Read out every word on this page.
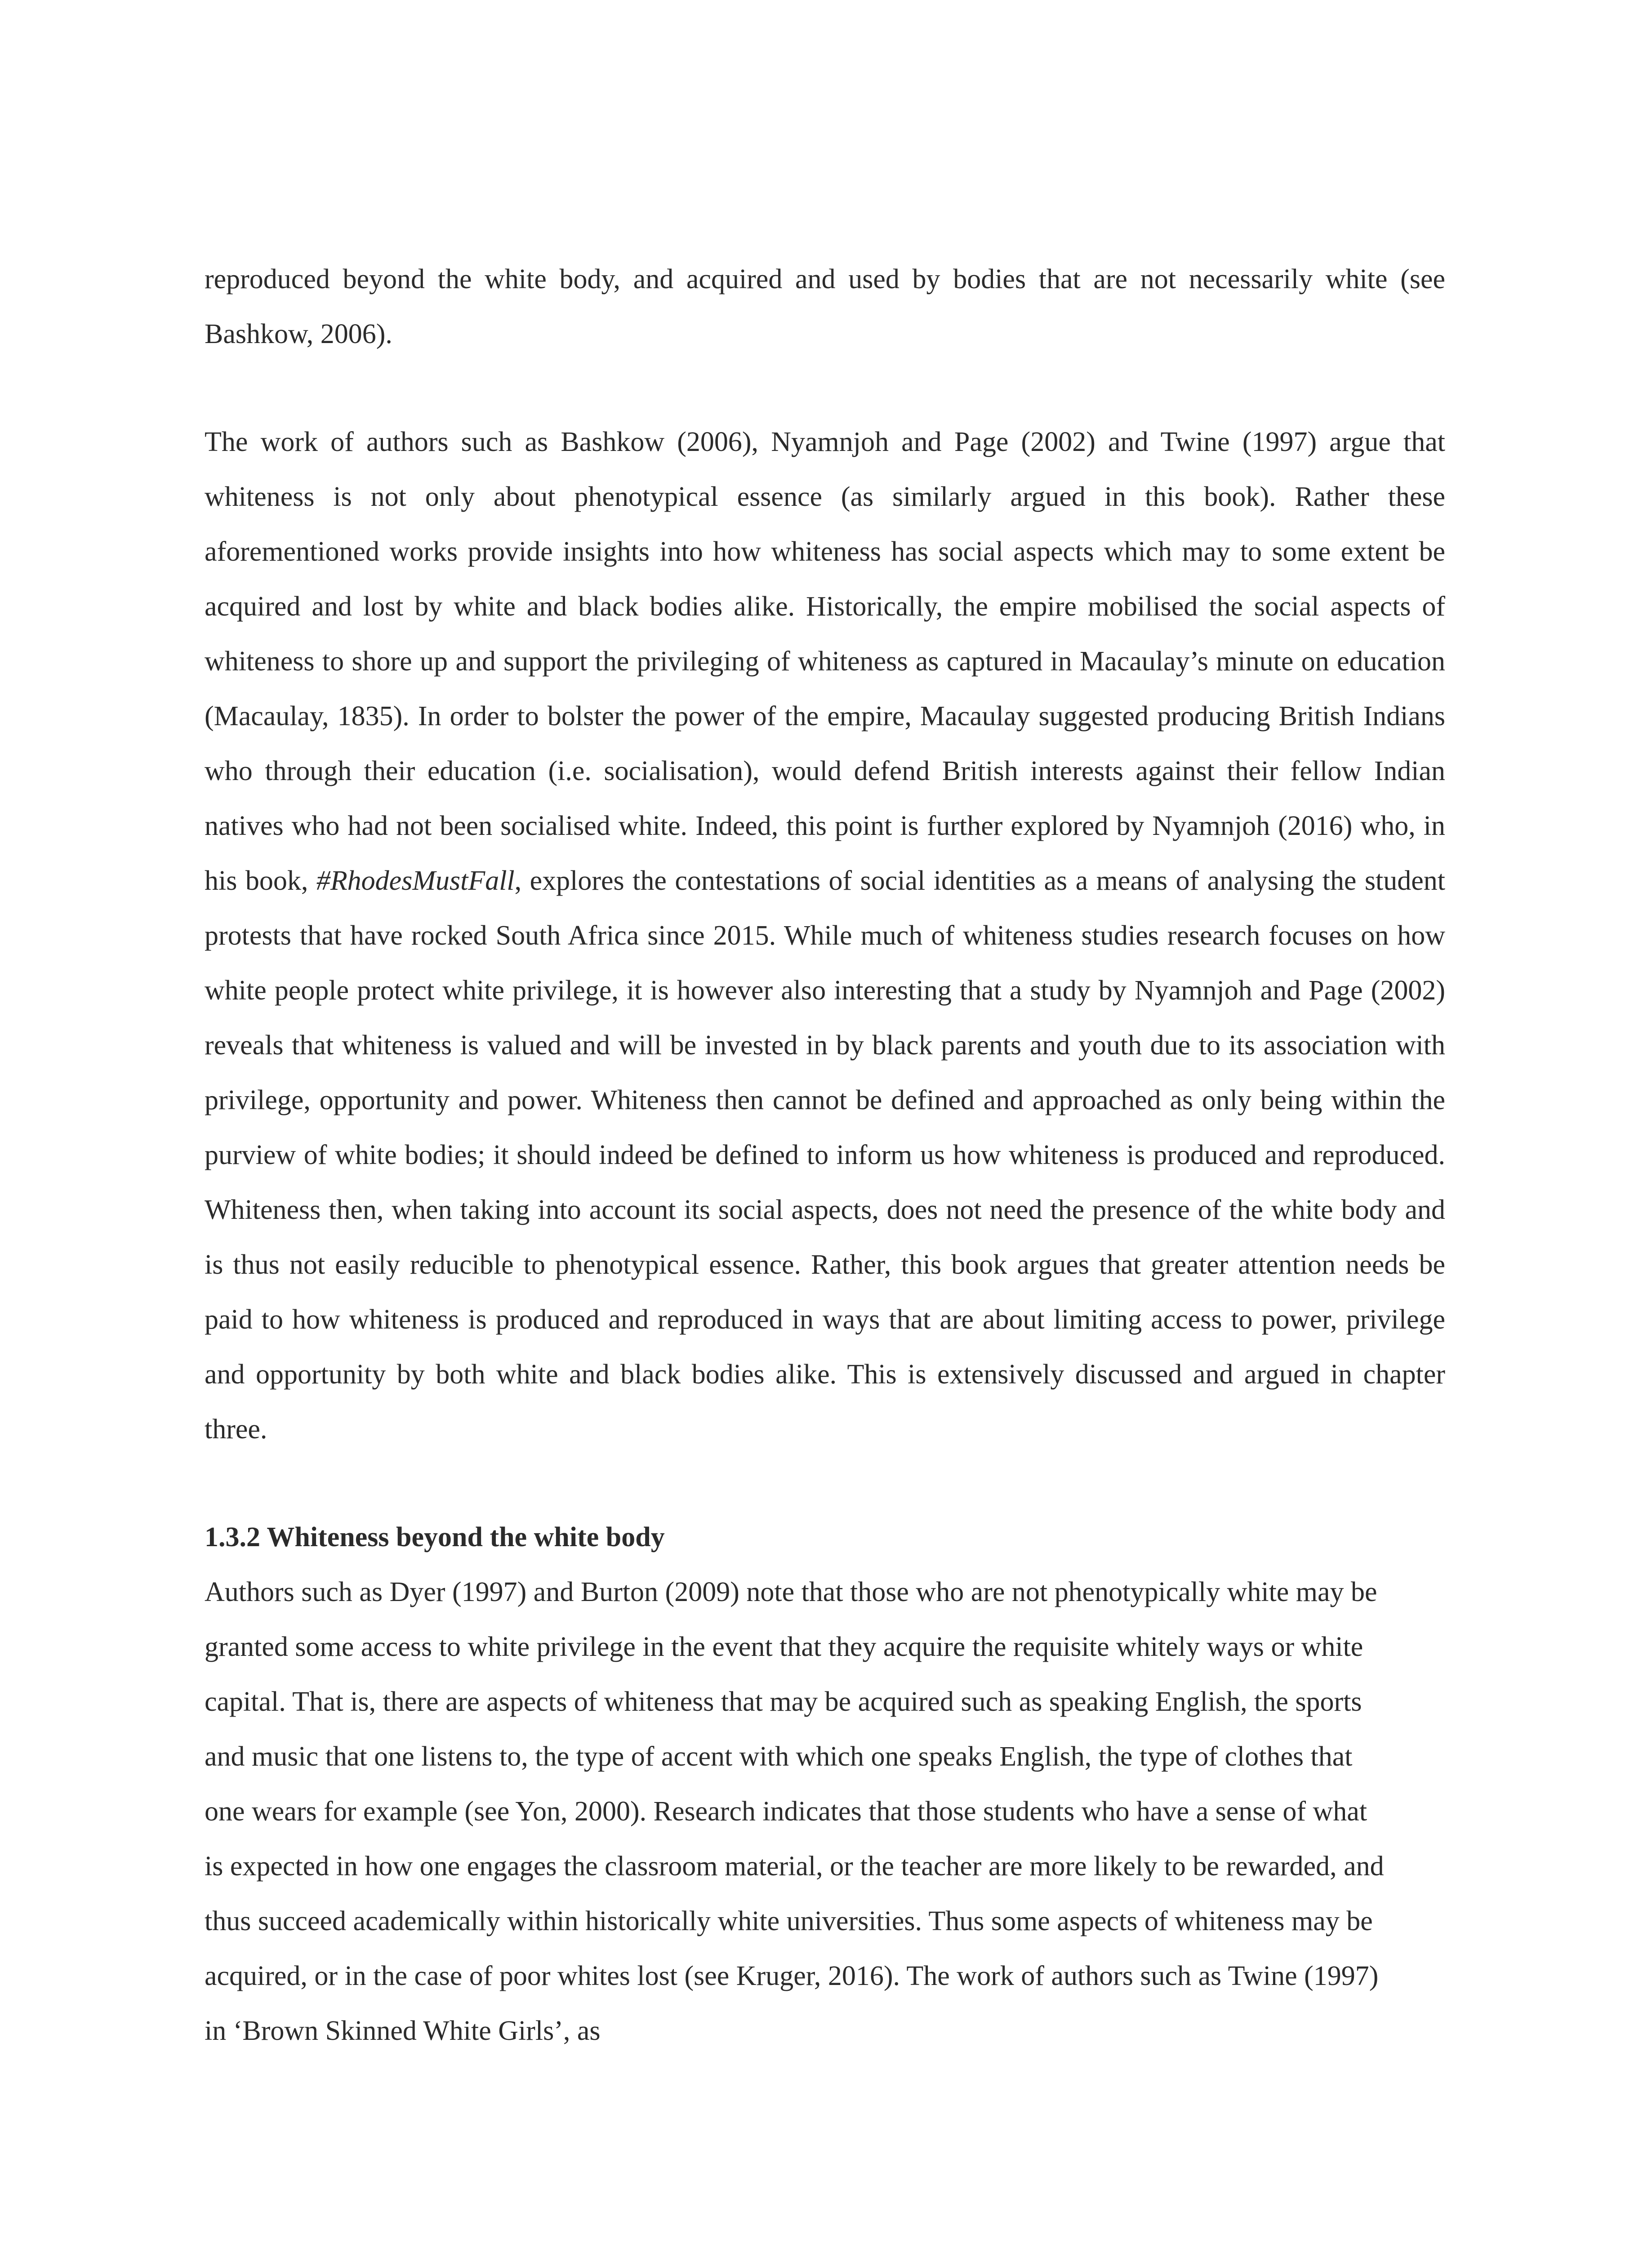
reproduced beyond the white body, and acquired and used by bodies that are not necessarily white (see Bashkow, 2006).

The work of authors such as Bashkow (2006), Nyamnjoh and Page (2002) and Twine (1997) argue that whiteness is not only about phenotypical essence (as similarly argued in this book). Rather these aforementioned works provide insights into how whiteness has social aspects which may to some extent be acquired and lost by white and black bodies alike. Historically, the empire mobilised the social aspects of whiteness to shore up and support the privileging of whiteness as captured in Macaulay’s minute on education (Macaulay, 1835). In order to bolster the power of the empire, Macaulay suggested producing British Indians who through their education (i.e. socialisation), would defend British interests against their fellow Indian natives who had not been socialised white. Indeed, this point is further explored by Nyamnjoh (2016) who, in his book, #RhodesMustFall, explores the contestations of social identities as a means of analysing the student protests that have rocked South Africa since 2015. While much of whiteness studies research focuses on how white people protect white privilege, it is however also interesting that a study by Nyamnjoh and Page (2002) reveals that whiteness is valued and will be invested in by black parents and youth due to its association with privilege, opportunity and power. Whiteness then cannot be defined and approached as only being within the purview of white bodies; it should indeed be defined to inform us how whiteness is produced and reproduced. Whiteness then, when taking into account its social aspects, does not need the presence of the white body and is thus not easily reducible to phenotypical essence. Rather, this book argues that greater attention needs be paid to how whiteness is produced and reproduced in ways that are about limiting access to power, privilege and opportunity by both white and black bodies alike. This is extensively discussed and argued in chapter three.

1.3.2 Whiteness beyond the white body

Authors such as Dyer (1997) and Burton (2009) note that those who are not phenotypically white may be granted some access to white privilege in the event that they acquire the requisite whitely ways or white capital. That is, there are aspects of whiteness that may be acquired such as speaking English, the sports and music that one listens to, the type of accent with which one speaks English, the type of clothes that one wears for example (see Yon, 2000). Research indicates that those students who have a sense of what is expected in how one engages the classroom material, or the teacher are more likely to be rewarded, and thus succeed academically within historically white universities. Thus some aspects of whiteness may be acquired, or in the case of poor whites lost (see Kruger, 2016). The work of authors such as Twine (1997) in ‘Brown Skinned White Girls’, as
